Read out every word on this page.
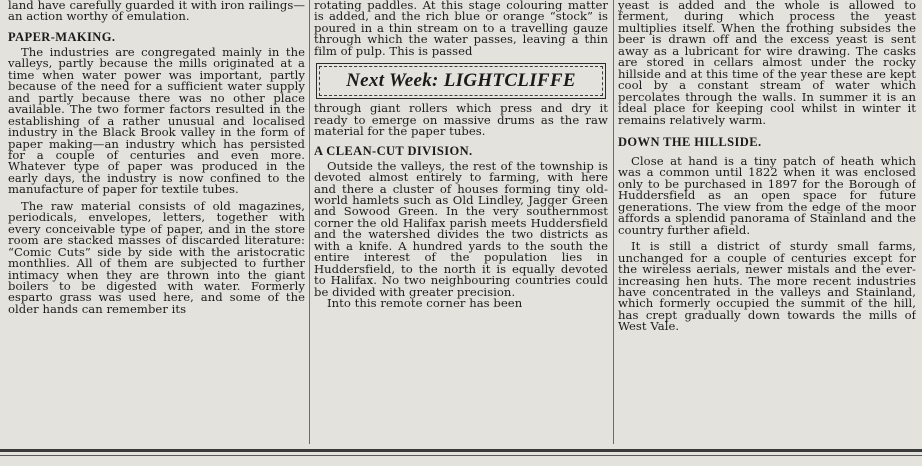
land have carefully guarded it with iron railings—an action worthy of emulation.

PAPER-MAKING.

The industries are congregated mainly in the valleys, partly because the mills originated at a time when water power was important, partly because of the need for a sufficient water supply and partly because there was no other place available. The two former factors resulted in the establishing of a rather unusual and localised industry in the Black Brook valley in the form of paper making—an industry which has persisted for a couple of centuries and even more. Whatever type of paper was produced in the early days, the industry is now confined to the manufacture of paper for textile tubes.

The raw material consists of old magazines, periodicals, envelopes, letters, together with every conceivable type of paper, and in the store room are stacked masses of discarded literature: “Comic Cuts” side by side with the aristocratic monthlies. All of them are subjected to further intimacy when they are thrown into the giant boilers to be digested with water. Formerly esparto grass was used here, and some of the older hands can remember its

rotating paddles. At this stage colouring matter is added, and the rich blue or orange “stock” is poured in a thin stream on to a travelling gauze through which the water passes, leaving a thin film of pulp. This is passed

Next Week: LIGHTCLIFFE

through giant rollers which press and dry it ready to emerge on massive drums as the raw material for the paper tubes.

A CLEAN-CUT DIVISION.

Outside the valleys, the rest of the township is devoted almost entirely to farming, with here and there a cluster of houses forming tiny old-world hamlets such as Old Lindley, Jagger Green and Sowood Green. In the very southernmost corner the old Halifax parish meets Huddersfield and the watershed divides the two districts as with a knife. A hundred yards to the south the entire interest of the population lies in Huddersfield, to the north it is equally devoted to Halifax. No two neighbouring countries could be divided with greater precision.

Into this remote corner has been

yeast is added and the whole is allowed to ferment, during which process the yeast multiplies itself. When the frothing subsides the beer is drawn off and the excess yeast is sent away as a lubricant for wire drawing. The casks are stored in cellars almost under the rocky hillside and at this time of the year these are kept cool by a constant stream of water which percolates through the walls. In summer it is an ideal place for keeping cool whilst in winter it remains relatively warm.

DOWN THE HILLSIDE.

Close at hand is a tiny patch of heath which was a common until 1822 when it was enclosed only to be purchased in 1897 for the Borough of Huddersfield as an open space for future generations. The view from the edge of the moor affords a splendid panorama of Stainland and the country further afield.

It is still a district of sturdy small farms, unchanged for a couple of centuries except for the wireless aerials, newer mistals and the ever-increasing hen huts. The more recent industries have concentrated in the valleys and Stainland, which formerly occupied the summit of the hill, has crept gradually down towards the mills of West Vale.
